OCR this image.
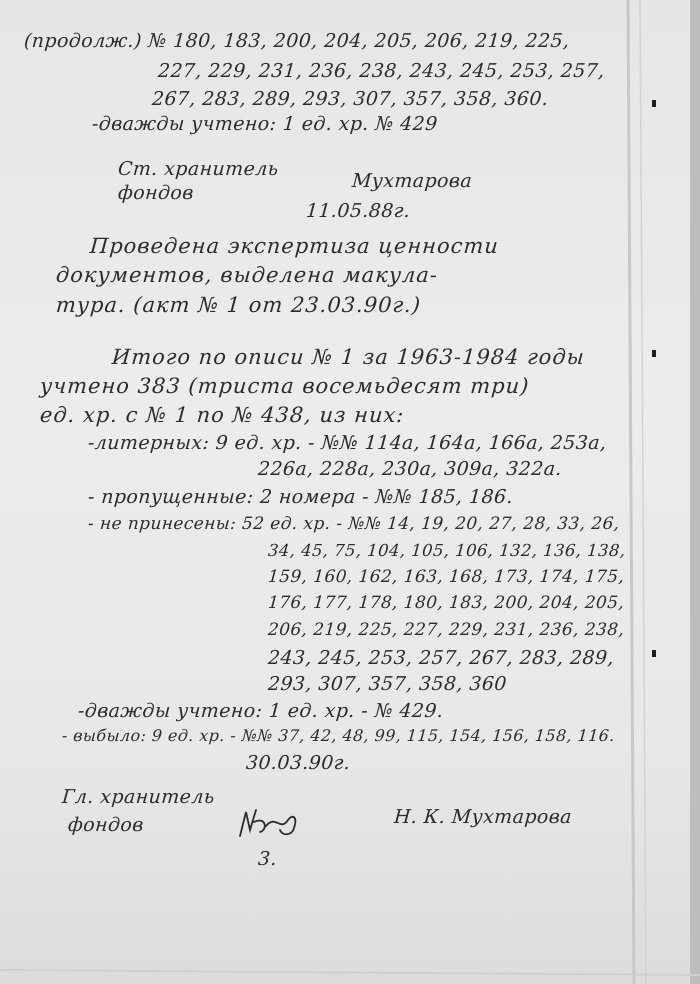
(продолж.) № 180, 183, 200, 204, 205, 206, 219, 225,
227, 229, 231, 236, 238, 243, 245, 253, 257,
267, 283, 289, 293, 307, 357, 358, 360.
-дважды учтено: 1 ед. хр. № 429
Ст. хранитель
фондов
Мухтарова
11.05.88г.
Проведена экспертиза ценности
документов, выделена макула-
тура. (акт № 1 от 23.03.90г.)
Итого по описи № 1 за 1963-1984 годы
учтено 383 (триста восемьдесят три)
ед. хр. с № 1 по № 438, из них:
-литерных: 9 ед. хр. - №№ 114а, 164а, 166а, 253а,
226а, 228а, 230а, 309а, 322а.
- пропущенные: 2 номера - №№ 185, 186.
- не принесены: 52 ед. хр. - №№ 14, 19, 20, 27, 28, 33, 26,
34, 45, 75, 104, 105, 106, 132, 136, 138,
159, 160, 162, 163, 168, 173, 174, 175,
176, 177, 178, 180, 183, 200, 204, 205,
206, 219, 225, 227, 229, 231, 236, 238,
243, 245, 253, 257, 267, 283, 289,
293, 307, 357, 358, 360
-дважды учтено: 1 ед. хр. - № 429.
- выбыло: 9 ед. хр. - №№ 37, 42, 48, 99, 115, 154, 156, 158, 116.
30.03.90г.
Гл. хранитель
фондов	Н. К. Мухтарова
3.
